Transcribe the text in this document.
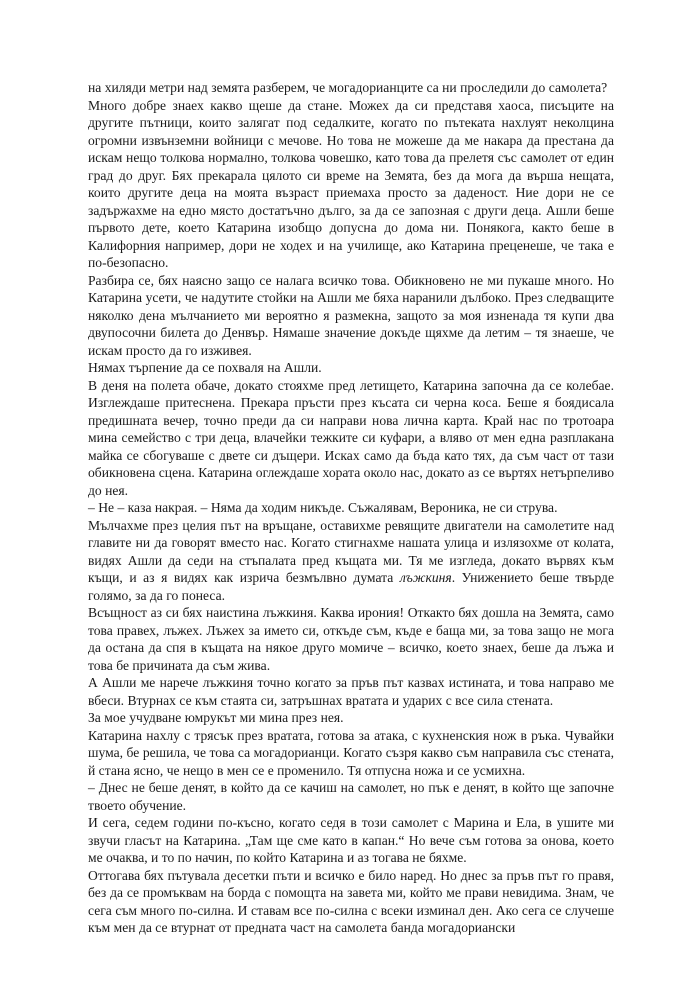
на хиляди метри над земята разберем, че могадорианците са ни проследили до самолета?

Много добре знаех какво щеше да стане. Можех да си представя хаоса, писъците на другите пътници, които залягат под седалките, когато по пътеката нахлуят неколцина огромни извънземни войници с мечове. Но това не можеше да ме накара да престана да искам нещо толкова нормално, толкова човешко, като това да прелетя със самолет от един град до друг. Бях прекарала цялото си време на Земята, без да мога да върша нещата, които другите деца на моята възраст приемаха просто за даденост. Ние дори не се задържахме на едно място достатъчно дълго, за да се запозная с други деца. Ашли беше първото дете, което Катарина изобщо допусна до дома ни. Понякога, както беше в Калифорния например, дори не ходех и на училище, ако Катарина преценеше, че така е по-безопасно.

Разбира се, бях наясно защо се налага всичко това. Обикновено не ми пукаше много. Но Катарина усети, че надутите стойки на Ашли ме бяха наранили дълбоко. През следващите няколко дена мълчанието ми вероятно я размекна, защото за моя изненада тя купи два двупосочни билета до Денвър. Нямаше значение докъде щяхме да летим – тя знаеше, че искам просто да го изживея.

Нямах търпение да се похваля на Ашли.

В деня на полета обаче, докато стояхме пред летището, Катарина започна да се колебае. Изглеждаше притеснена. Прекара пръсти през късата си черна коса. Беше я боядисала предишната вечер, точно преди да си направи нова лична карта. Край нас по тротоара мина семейство с три деца, влачейки тежките си куфари, а вляво от мен една разплакана майка се сбогуваше с двете си дъщери. Исках само да бъда като тях, да съм част от тази обикновена сцена. Катарина оглеждаше хората около нас, докато аз се въртях нетърпеливо до нея.

– Не – каза накрая. – Няма да ходим никъде. Съжалявам, Вероника, не си струва.

Мълчахме през целия път на връщане, оставихме ревящите двигатели на самолетите над главите ни да говорят вместо нас. Когато стигнахме нашата улица и излязохме от колата, видях Ашли да седи на стъпалата пред къщата ми. Тя ме изгледа, докато вървях към къщи, и аз я видях как изрича безмълвно думата лъжкиня. Унижението беше твърде голямо, за да го понеса.

Всъщност аз си бях наистина лъжкиня. Каква ирония! Откакто бях дошла на Земята, само това правех, лъжех. Лъжех за името си, откъде съм, къде е баща ми, за това защо не мога да остана да спя в къщата на някое друго момиче – всичко, което знаех, беше да лъжа и това бе причината да съм жива.

А Ашли ме нарече лъжкиня точно когато за пръв път казвах истината, и това направо ме вбеси. Втурнах се към стаята си, затръшнах вратата и ударих с все сила стената.

За мое учудване юмрукът ми мина през нея.

Катарина нахлу с трясък през вратата, готова за атака, с кухненския нож в ръка. Чувайки шума, бе решила, че това са могадорианци. Когато съзря какво съм направила със стената, й стана ясно, че нещо в мен се е променило. Тя отпусна ножа и се усмихна.

– Днес не беше денят, в който да се качиш на самолет, но пък е денят, в който ще започне твоето обучение.

И сега, седем години по-късно, когато седя в този самолет с Марина и Ела, в ушите ми звучи гласът на Катарина. „Там ще сме като в капан.“ Но вече съм готова за онова, което ме очаква, и то по начин, по който Катарина и аз тогава не бяхме.

Оттогава бях пътувала десетки пъти и всичко е било наред. Но днес за пръв път го правя, без да се промъквам на борда с помощта на завета ми, който ме прави невидима. Знам, че сега съм много по-силна. И ставам все по-силна с всеки изминал ден. Ако сега се случеше към мен да се втурнат от предната част на самолета банда могадориански
